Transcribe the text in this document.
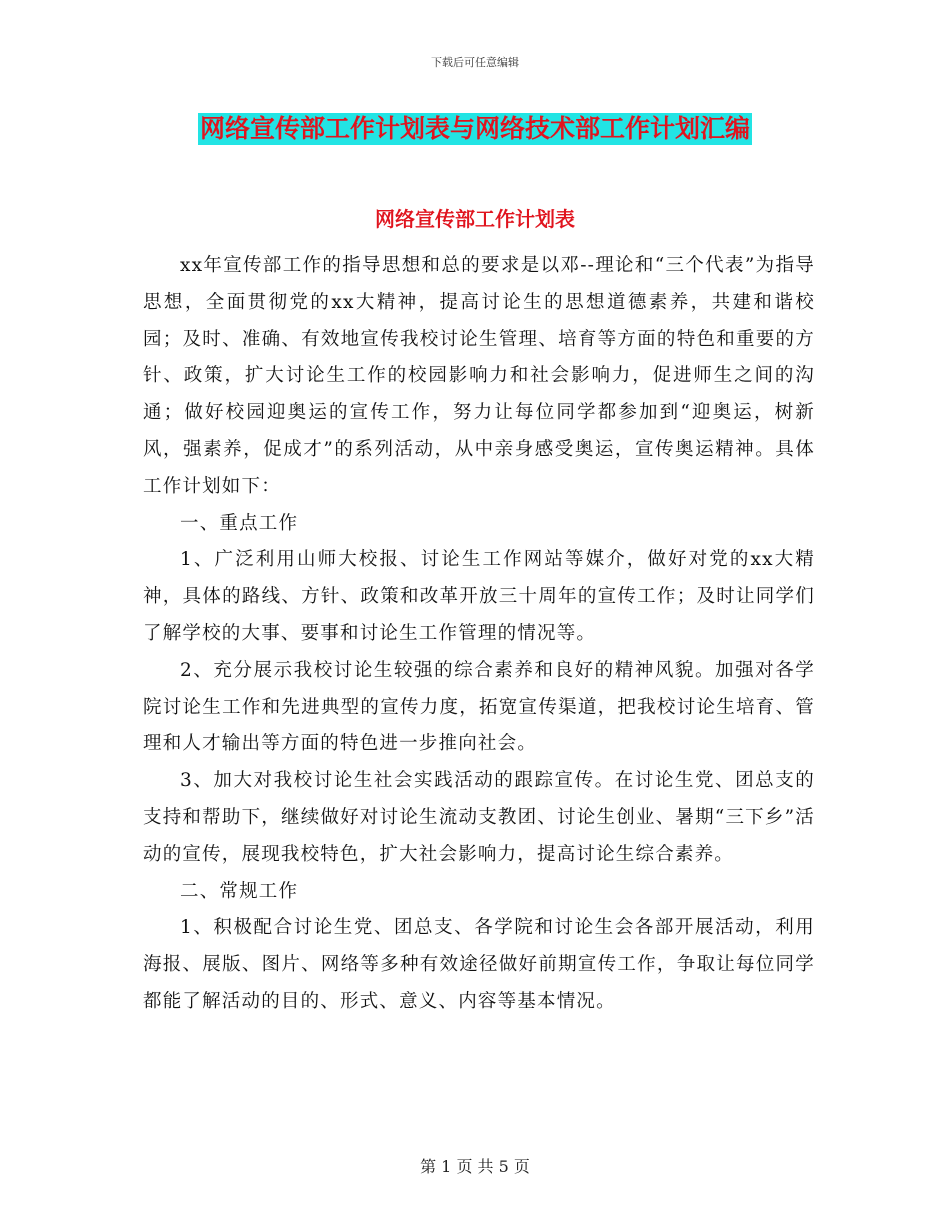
下载后可任意编辑
网络宣传部工作计划表与网络技术部工作计划汇编
网络宣传部工作计划表

xx年宣传部工作的指导思想和总的要求是以邓--理论和“三个代表”为指导思想，全面贯彻党的xx大精神，提高讨论生的思想道德素养，共建和谐校园；及时、准确、有效地宣传我校讨论生管理、培育等方面的特色和重要的方针、政策，扩大讨论生工作的校园影响力和社会影响力，促进师生之间的沟通；做好校园迎奥运的宣传工作，努力让每位同学都参加到“迎奥运，树新风，强素养，促成才”的系列活动，从中亲身感受奥运，宣传奥运精神。具体工作计划如下：

一、重点工作

1、广泛利用山师大校报、讨论生工作网站等媒介，做好对党的xx大精神，具体的路线、方针、政策和改革开放三十周年的宣传工作；及时让同学们了解学校的大事、要事和讨论生工作管理的情况等。

2、充分展示我校讨论生较强的综合素养和良好的精神风貌。加强对各学院讨论生工作和先进典型的宣传力度，拓宽宣传渠道，把我校讨论生培育、管理和人才输出等方面的特色进一步推向社会。

3、加大对我校讨论生社会实践活动的跟踪宣传。在讨论生党、团总支的支持和帮助下，继续做好对讨论生流动支教团、讨论生创业、暑期“三下乡”活动的宣传，展现我校特色，扩大社会影响力，提高讨论生综合素养。

二、常规工作

1、积极配合讨论生党、团总支、各学院和讨论生会各部开展活动，利用海报、展版、图片、网络等多种有效途径做好前期宣传工作，争取让每位同学都能了解活动的目的、形式、意义、内容等基本情况。

第 1 页 共 5 页
